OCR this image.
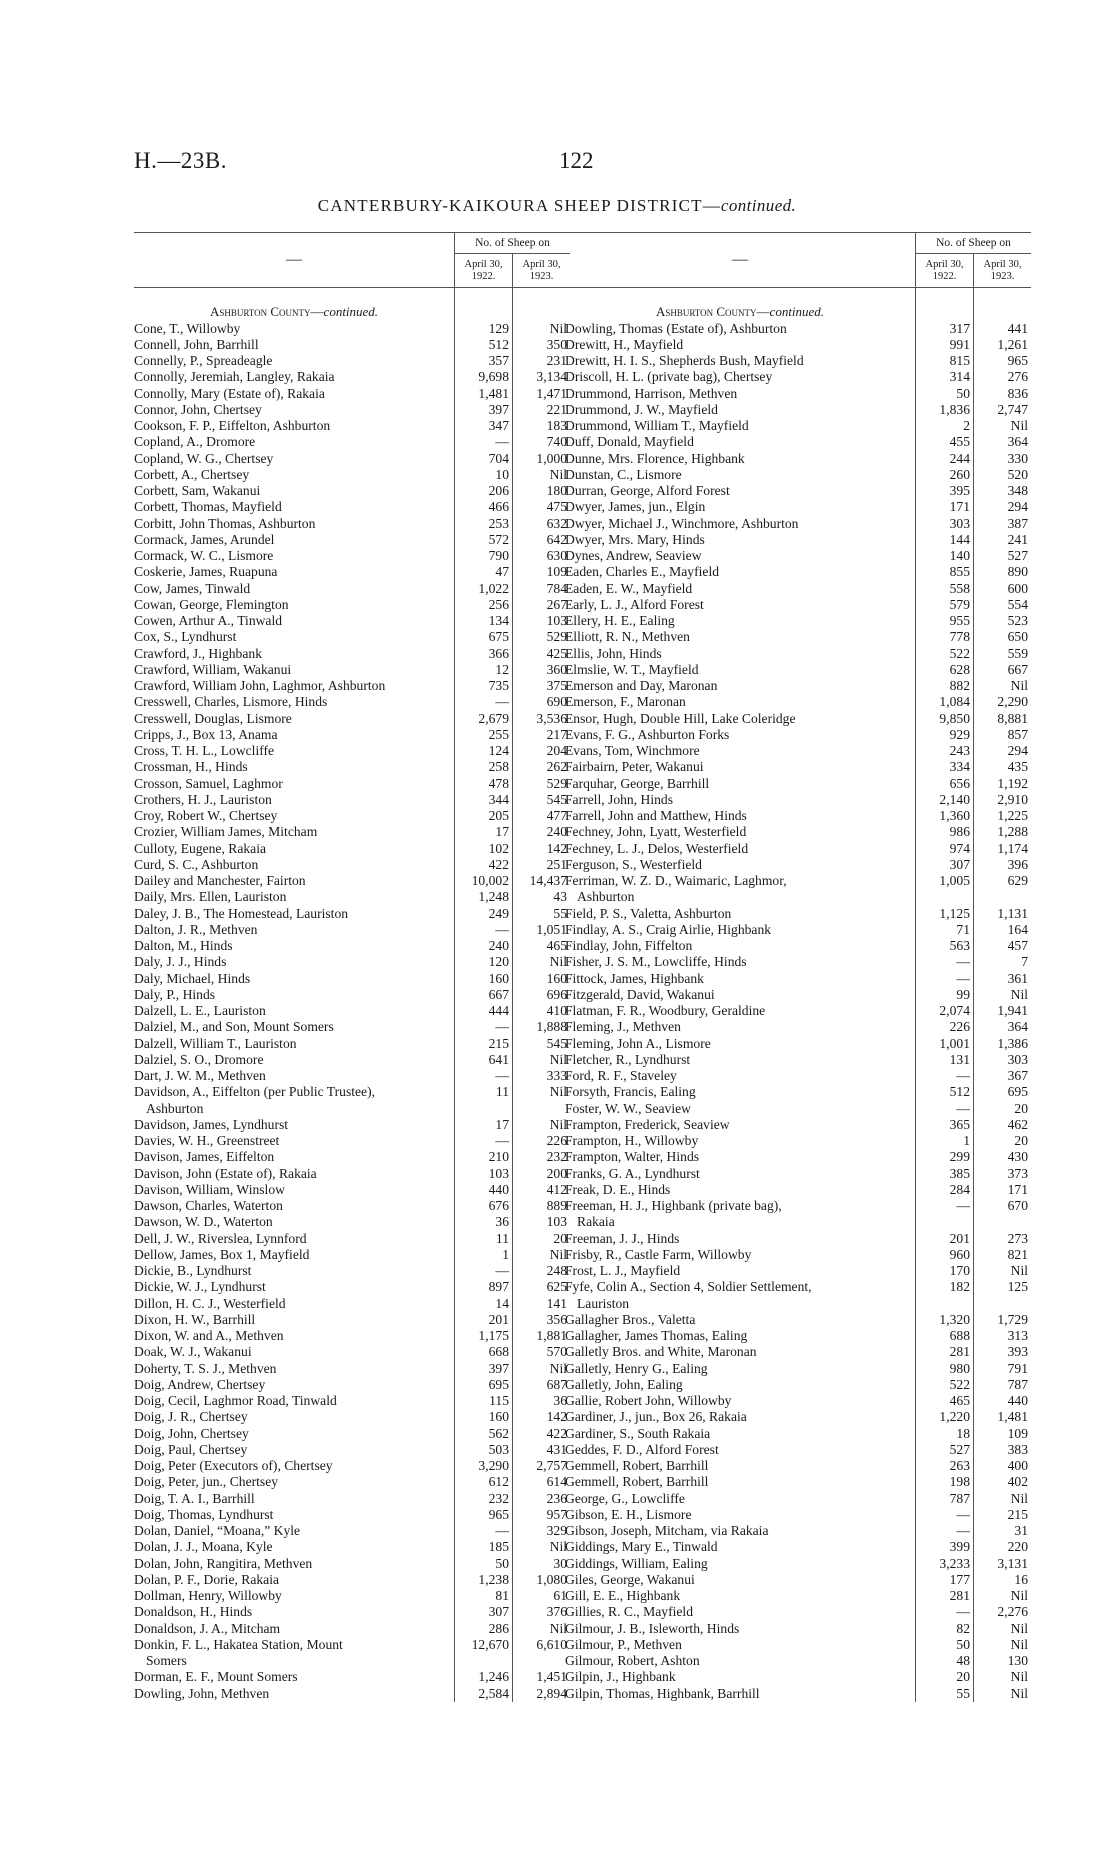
H.—23B.	122
CANTERBURY-KAIKOURA SHEEP DISTRICT—continued.
—	No. of Sheep on	
	April 30,
1922.	April 30,
1923.

Ashburton County—continued.		
Cone, T., Willowby	129	Nil
Connell, John, Barrhill	512	350
Connelly, P., Spreadeagle	357	231
Connolly, Jeremiah, Langley, Rakaia	9,698	3,134
Connolly, Mary (Estate of), Rakaia	1,481	1,471
Connor, John, Chertsey	397	221
Cookson, F. P., Eiffelton, Ashburton	347	183
Copland, A., Dromore	—	740
Copland, W. G., Chertsey	704	1,000
Corbett, A., Chertsey	10	Nil
Corbett, Sam, Wakanui	206	180
Corbett, Thomas, Mayfield	466	475
Corbitt, John Thomas, Ashburton	253	632
Cormack, James, Arundel	572	642
Cormack, W. C., Lismore	790	630
Coskerie, James, Ruapuna	47	109
Cow, James, Tinwald	1,022	784
Cowan, George, Flemington	256	267
Cowen, Arthur A., Tinwald	134	103
Cox, S., Lyndhurst	675	529
Crawford, J., Highbank	366	425
Crawford, William, Wakanui	12	360
Crawford, William John, Laghmor, Ashburton	735	375
Cresswell, Charles, Lismore, Hinds	—	690
Cresswell, Douglas, Lismore	2,679	3,536
Cripps, J., Box 13, Anama	255	217
Cross, T. H. L., Lowcliffe	124	204
Crossman, H., Hinds	258	262
Crosson, Samuel, Laghmor	478	529
Crothers, H. J., Lauriston	344	545
Croy, Robert W., Chertsey	205	477
Crozier, William James, Mitcham	17	240
Culloty, Eugene, Rakaia	102	142
Curd, S. C., Ashburton	422	251
Dailey and Manchester, Fairton	10,002	14,437
Daily, Mrs. Ellen, Lauriston	1,248	43
Daley, J. B., The Homestead, Lauriston	249	55
Dalton, J. R., Methven	—	1,051
Dalton, M., Hinds	240	465
Daly, J. J., Hinds	120	Nil
Daly, Michael, Hinds	160	160
Daly, P., Hinds	667	696
Dalzell, L. E., Lauriston	444	410
Dalziel, M., and Son, Mount Somers	—	1,888
Dalzell, William T., Lauriston	215	545
Dalziel, S. O., Dromore	641	Nil
Dart, J. W. M., Methven	—	333
Davidson, A., Eiffelton (per Public Trustee),	11	Nil
Ashburton		
Davidson, James, Lyndhurst	17	Nil
Davies, W. H., Greenstreet	—	226
Davison, James, Eiffelton	210	232
Davison, John (Estate of), Rakaia	103	200
Davison, William, Winslow	440	412
Dawson, Charles, Waterton	676	889
Dawson, W. D., Waterton	36	103
Dell, J. W., Riverslea, Lynnford	11	20
Dellow, James, Box 1, Mayfield	1	Nil
Dickie, B., Lyndhurst	—	248
Dickie, W. J., Lyndhurst	897	625
Dillon, H. C. J., Westerfield	14	141
Dixon, H. W., Barrhill	201	356
Dixon, W. and A., Methven	1,175	1,881
Doak, W. J., Wakanui	668	570
Doherty, T. S. J., Methven	397	Nil
Doig, Andrew, Chertsey	695	687
Doig, Cecil, Laghmor Road, Tinwald	115	36
Doig, J. R., Chertsey	160	142
Doig, John, Chertsey	562	422
Doig, Paul, Chertsey	503	431
Doig, Peter (Executors of), Chertsey	3,290	2,757
Doig, Peter, jun., Chertsey	612	614
Doig, T. A. I., Barrhill	232	236
Doig, Thomas, Lyndhurst	965	957
Dolan, Daniel, “Moana,” Kyle	—	329
Dolan, J. J., Moana, Kyle	185	Nil
Dolan, John, Rangitira, Methven	50	30
Dolan, P. F., Dorie, Rakaia	1,238	1,080
Dollman, Henry, Willowby	81	61
Donaldson, H., Hinds	307	376
Donaldson, J. A., Mitcham	286	Nil
Donkin, F. L., Hakatea Station, Mount	12,670	6,610
Somers		
Dorman, E. F., Mount Somers	1,246	1,451
Dowling, John, Methven	2,584	2,894
—	No. of Sheep on	
	April 30,
1922.	April 30,
1923.

Ashburton County—continued.		
Dowling, Thomas (Estate of), Ashburton	317	441
Drewitt, H., Mayfield	991	1,261
Drewitt, H. I. S., Shepherds Bush, Mayfield	815	965
Driscoll, H. L. (private bag), Chertsey	314	276
Drummond, Harrison, Methven	50	836
Drummond, J. W., Mayfield	1,836	2,747
Drummond, William T., Mayfield	2	Nil
Duff, Donald, Mayfield	455	364
Dunne, Mrs. Florence, Highbank	244	330
Dunstan, C., Lismore	260	520
Durran, George, Alford Forest	395	348
Dwyer, James, jun., Elgin	171	294
Dwyer, Michael J., Winchmore, Ashburton	303	387
Dwyer, Mrs. Mary, Hinds	144	241
Dynes, Andrew, Seaview	140	527
Eaden, Charles E., Mayfield	855	890
Eaden, E. W., Mayfield	558	600
Early, L. J., Alford Forest	579	554
Ellery, H. E., Ealing	955	523
Elliott, R. N., Methven	778	650
Ellis, John, Hinds	522	559
Elmslie, W. T., Mayfield	628	667
Emerson and Day, Maronan	882	Nil
Emerson, F., Maronan	1,084	2,290
Ensor, Hugh, Double Hill, Lake Coleridge	9,850	8,881
Evans, F. G., Ashburton Forks	929	857
Evans, Tom, Winchmore	243	294
Fairbairn, Peter, Wakanui	334	435
Farquhar, George, Barrhill	656	1,192
Farrell, John, Hinds	2,140	2,910
Farrell, John and Matthew, Hinds	1,360	1,225
Fechney, John, Lyatt, Westerfield	986	1,288
Fechney, L. J., Delos, Westerfield	974	1,174
Ferguson, S., Westerfield	307	396
Ferriman, W. Z. D., Waimaric, Laghmor,	1,005	629
Ashburton		
Field, P. S., Valetta, Ashburton	1,125	1,131
Findlay, A. S., Craig Airlie, Highbank	71	164
Findlay, John, Fiffelton	563	457
Fisher, J. S. M., Lowcliffe, Hinds	—	7
Fittock, James, Highbank	—	361
Fitzgerald, David, Wakanui	99	Nil
Flatman, F. R., Woodbury, Geraldine	2,074	1,941
Fleming, J., Methven	226	364
Fleming, John A., Lismore	1,001	1,386
Fletcher, R., Lyndhurst	131	303
Ford, R. F., Staveley	—	367
Forsyth, Francis, Ealing	512	695
Foster, W. W., Seaview	—	20
Frampton, Frederick, Seaview	365	462
Frampton, H., Willowby	1	20
Frampton, Walter, Hinds	299	430
Franks, G. A., Lyndhurst	385	373
Freak, D. E., Hinds	284	171
Freeman, H. J., Highbank (private bag),	—	670
Rakaia		
Freeman, J. J., Hinds	201	273
Frisby, R., Castle Farm, Willowby	960	821
Frost, L. J., Mayfield	170	Nil
Fyfe, Colin A., Section 4, Soldier Settlement,	182	125
Lauriston		
Gallagher Bros., Valetta	1,320	1,729
Gallagher, James Thomas, Ealing	688	313
Galletly Bros. and White, Maronan	281	393
Galletly, Henry G., Ealing	980	791
Galletly, John, Ealing	522	787
Gallie, Robert John, Willowby	465	440
Gardiner, J., jun., Box 26, Rakaia	1,220	1,481
Gardiner, S., South Rakaia	18	109
Geddes, F. D., Alford Forest	527	383
Gemmell, Robert, Barrhill	263	400
Gemmell, Robert, Barrhill	198	402
George, G., Lowcliffe	787	Nil
Gibson, E. H., Lismore	—	215
Gibson, Joseph, Mitcham, via Rakaia	—	31
Giddings, Mary E., Tinwald	399	220
Giddings, William, Ealing	3,233	3,131
Giles, George, Wakanui	177	16
Gill, E. E., Highbank	281	Nil
Gillies, R. C., Mayfield	—	2,276
Gilmour, J. B., Isleworth, Hinds	82	Nil
Gilmour, P., Methven	50	Nil
Gilmour, Robert, Ashton	48	130
Gilpin, J., Highbank	20	Nil
Gilpin, Thomas, Highbank, Barrhill	55	Nil
